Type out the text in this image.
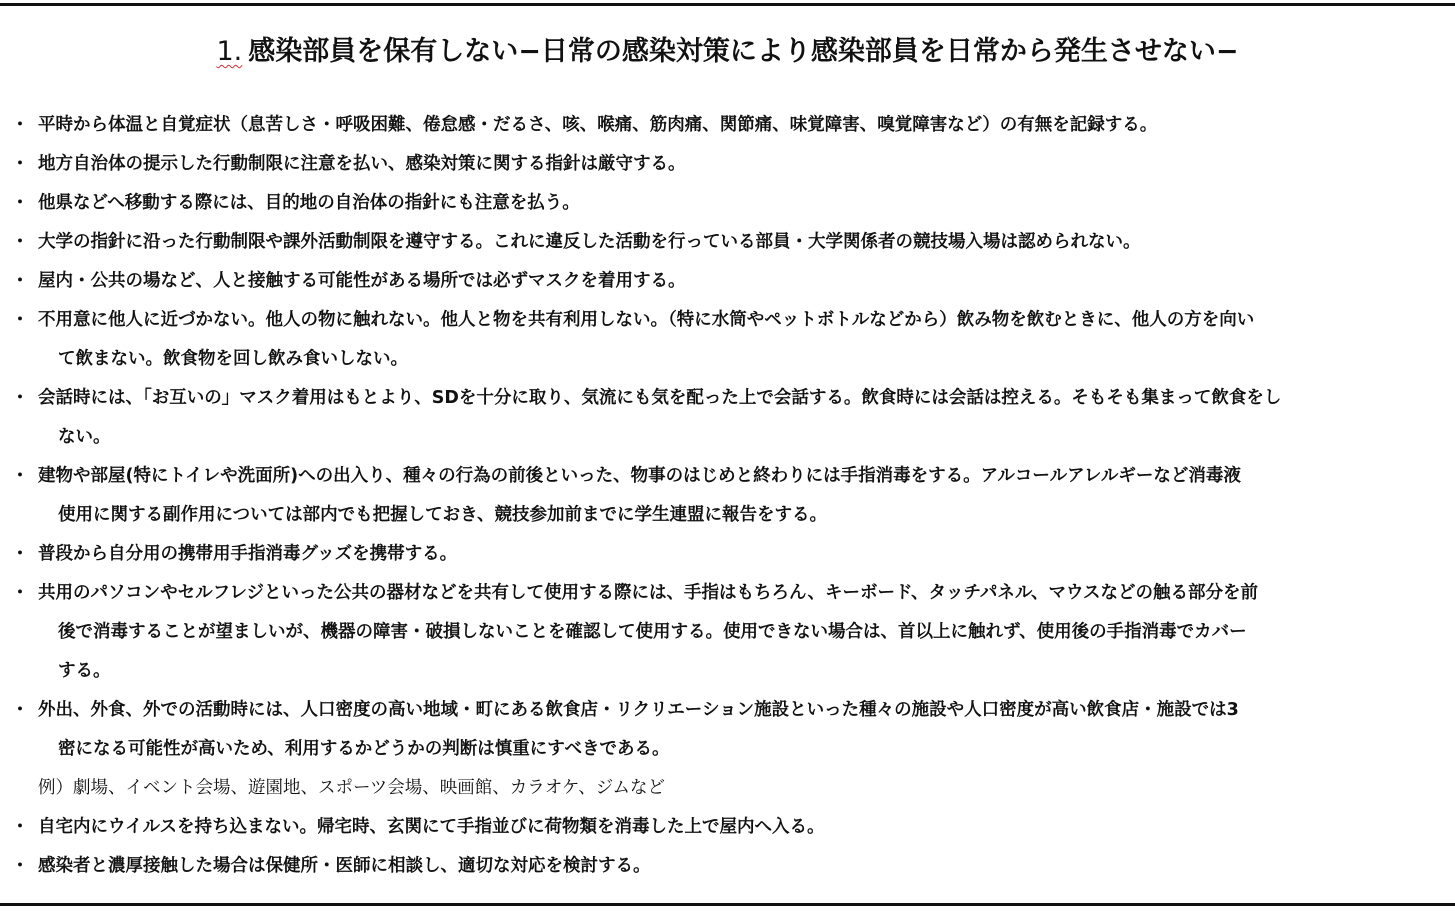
1. 感染部員を保有しない−日常の感染対策により感染部員を日常から発生させない−
・ 平時から体温と自覚症状（息苦しさ・呼吸困難、倦怠感・だるさ、咳、喉痛、筋肉痛、関節痛、味覚障害、嗅覚障害など）の有無を記録する。
・ 地方自治体の提示した行動制限に注意を払い、感染対策に関する指針は厳守する。
・ 他県などへ移動する際には、目的地の自治体の指針にも注意を払う。
・ 大学の指針に沿った行動制限や課外活動制限を遵守する。これに違反した活動を行っている部員・大学関係者の競技場入場は認められない。
・ 屋内・公共の場など、人と接触する可能性がある場所では必ずマスクを着用する。
・ 不用意に他人に近づかない。他人の物に触れない。他人と物を共有利用しない。（特に水筒やペットボトルなどから）飲み物を飲むときに、他人の方を向い
て飲まない。飲食物を回し飲み食いしない。
・ 会話時には、「お互いの」マスク着用はもとより、SDを十分に取り、気流にも気を配った上で会話する。飲食時には会話は控える。そもそも集まって飲食をし
ない。
・ 建物や部屋(特にトイレや洗面所)への出入り、種々の行為の前後といった、物事のはじめと終わりには手指消毒をする。アルコールアレルギーなど消毒液
使用に関する副作用については部内でも把握しておき、競技参加前までに学生連盟に報告をする。
・ 普段から自分用の携帯用手指消毒グッズを携帯する。
・ 共用のパソコンやセルフレジといった公共の器材などを共有して使用する際には、手指はもちろん、キーボード、タッチパネル、マウスなどの触る部分を前
後で消毒することが望ましいが、機器の障害・破損しないことを確認して使用する。使用できない場合は、首以上に触れず、使用後の手指消毒でカバー
する。
・ 外出、外食、外での活動時には、人口密度の高い地域・町にある飲食店・リクリエーション施設といった種々の施設や人口密度が高い飲食店・施設では3
密になる可能性が高いため、利用するかどうかの判断は慎重にすべきである。
例）劇場、イベント会場、遊園地、スポーツ会場、映画館、カラオケ、ジムなど
・ 自宅内にウイルスを持ち込まない。帰宅時、玄関にて手指並びに荷物類を消毒した上で屋内へ入る。
・ 感染者と濃厚接触した場合は保健所・医師に相談し、適切な対応を検討する。
